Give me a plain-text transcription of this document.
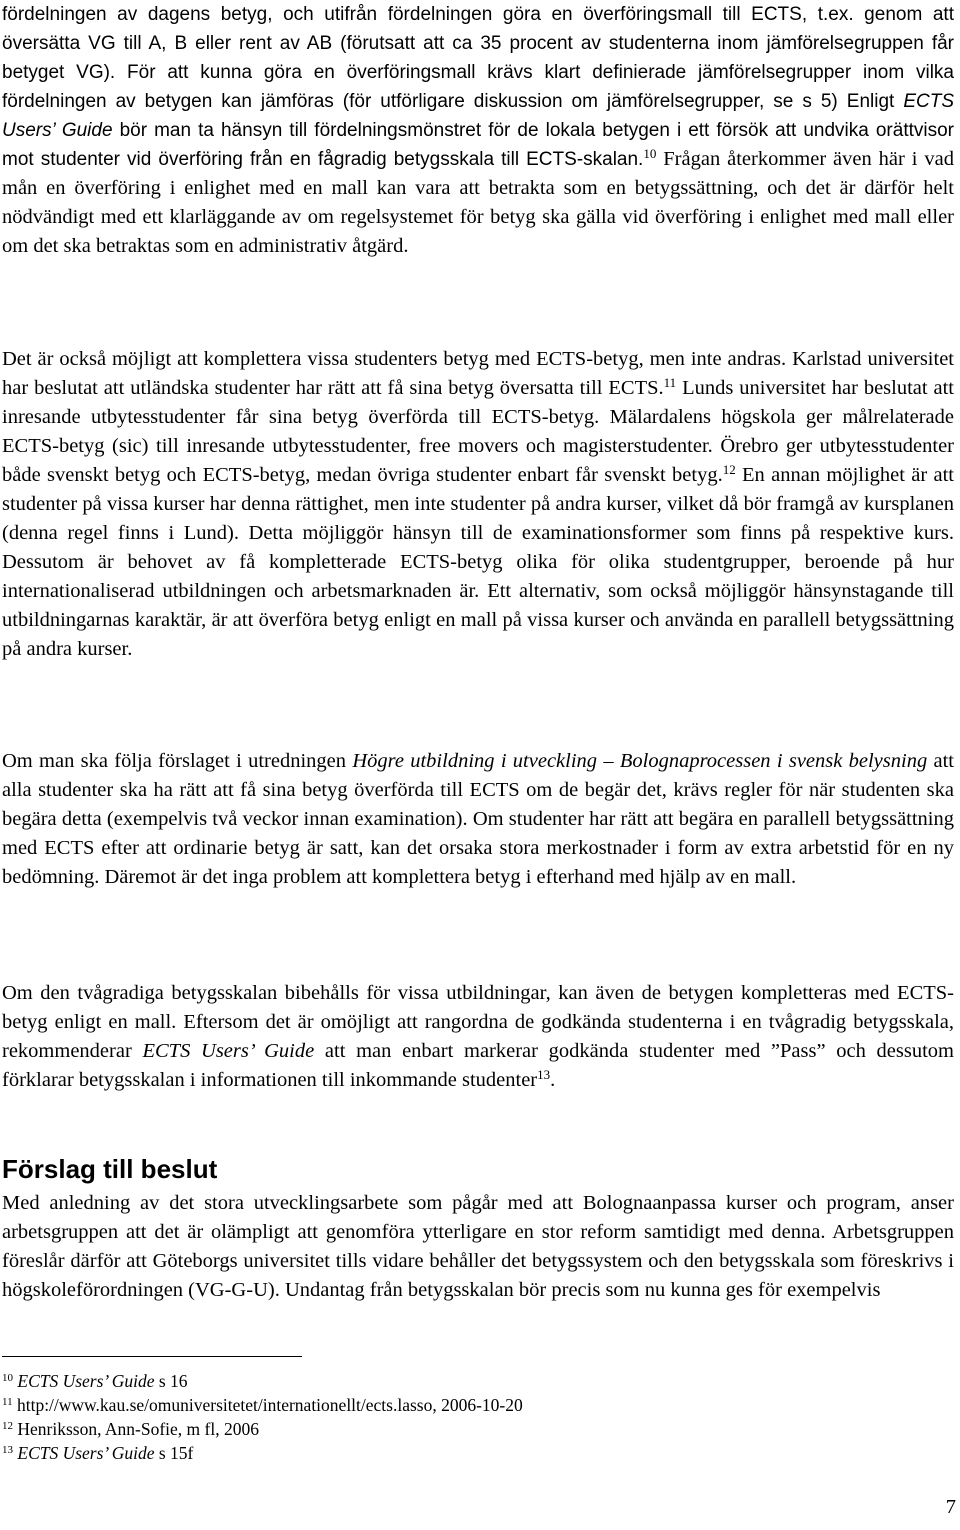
fördelningen av dagens betyg, och utifrån fördelningen göra en överföringsmall till ECTS, t.ex. genom att översätta VG till A, B eller rent av AB (förutsatt att ca 35 procent av studenterna inom jämförelsegruppen får betyget VG). För att kunna göra en överföringsmall krävs klart definierade jämförelsegrupper inom vilka fördelningen av betygen kan jämföras (för utförligare diskussion om jämförelsegrupper, se s 5) Enligt ECTS Users’ Guide bör man ta hänsyn till fördelningsmönstret för de lokala betygen i ett försök att undvika orättvisor mot studenter vid överföring från en fågradig betygsskala till ECTS-skalan.$^{10}$ Frågan återkommer även här i vad mån en överföring i enlighet med en mall kan vara att betrakta som en betygssättning, och det är därför helt nödvändigt med ett klarläggande av om regelsystemet för betyg ska gälla vid överföring i enlighet med mall eller om det ska betraktas som en administrativ åtgärd.

Det är också möjligt att komplettera vissa studenters betyg med ECTS-betyg, men inte andras. Karlstad universitet har beslutat att utländska studenter har rätt att få sina betyg översatta till ECTS.$^{11}$ Lunds universitet har beslutat att inresande utbytesstudenter får sina betyg överförda till ECTS-betyg. Mälardalens högskola ger målrelaterade ECTS-betyg (sic) till inresande utbytesstudenter, free movers och magisterstudenter. Örebro ger utbytesstudenter både svenskt betyg och ECTS-betyg, medan övriga studenter enbart får svenskt betyg.$^{12}$ En annan möjlighet är att studenter på vissa kurser har denna rättighet, men inte studenter på andra kurser, vilket då bör framgå av kursplanen (denna regel finns i Lund). Detta möjliggör hänsyn till de examinationsformer som finns på respektive kurs. Dessutom är behovet av få kompletterade ECTS-betyg olika för olika studentgrupper, beroende på hur internationaliserad utbildningen och arbetsmarknaden är. Ett alternativ, som också möjliggör hänsynstagande till utbildningarnas karaktär, är att överföra betyg enligt en mall på vissa kurser och använda en parallell betygssättning på andra kurser.

Om man ska följa förslaget i utredningen Högre utbildning i utveckling – Bolognaprocessen i svensk belysning att alla studenter ska ha rätt att få sina betyg överförda till ECTS om de begär det, krävs regler för när studenten ska begära detta (exempelvis två veckor innan examination). Om studenter har rätt att begära en parallell betygssättning med ECTS efter att ordinarie betyg är satt, kan det orsaka stora merkostnader i form av extra arbetstid för en ny bedömning. Däremot är det inga problem att komplettera betyg i efterhand med hjälp av en mall.

Om den tvågradiga betygsskalan bibehålls för vissa utbildningar, kan även de betygen kompletteras med ECTS-betyg enligt en mall. Eftersom det är omöjligt att rangordna de godkända studenterna i en tvågradig betygsskala, rekommenderar ECTS Users’ Guide att man enbart markerar godkända studenter med ”Pass” och dessutom förklarar betygsskalan i informationen till inkommande studenter$^{13}$.

Förslag till beslut

Med anledning av det stora utvecklingsarbete som pågår med att Bolognaanpassa kurser och program, anser arbetsgruppen att det är olämpligt att genomföra ytterligare en stor reform samtidigt med denna. Arbetsgruppen föreslår därför att Göteborgs universitet tills vidare behåller det betygssystem och den betygsskala som föreskrivs i högskoleförordningen (VG-G-U). Undantag från betygsskalan bör precis som nu kunna ges för exempelvis

$^{10}$ ECTS Users’ Guide s 16

$^{11}$ http://www.kau.se/omuniversitetet/internationellt/ects.lasso, 2006-10-20

$^{12}$ Henriksson, Ann-Sofie, m fl, 2006

$^{13}$ ECTS Users’ Guide s 15f

7
